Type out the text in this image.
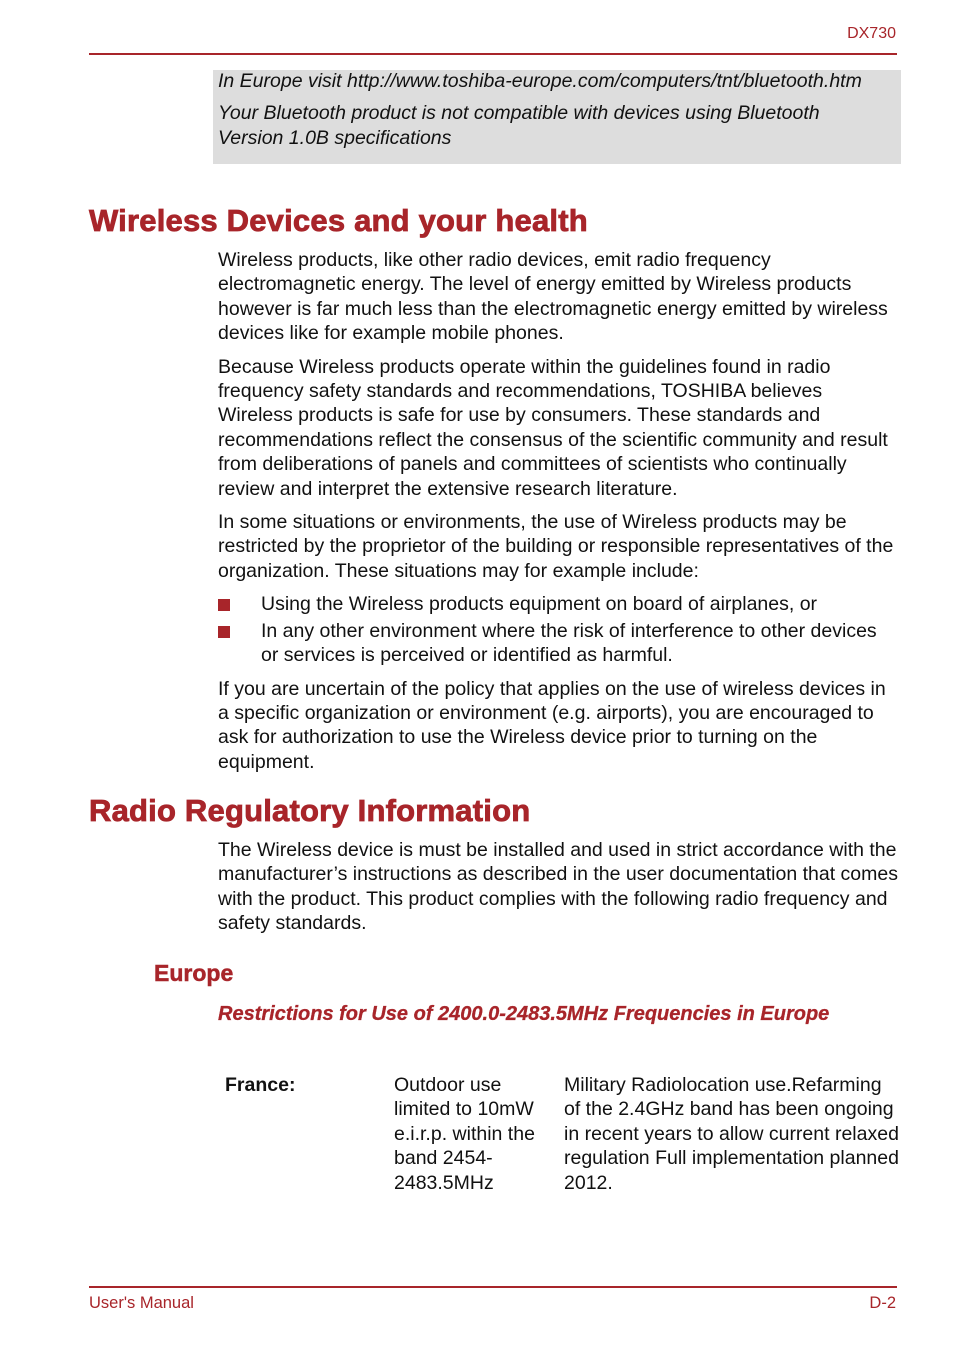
DX730

In Europe visit http://www.toshiba-europe.com/computers/tnt/bluetooth.htm

Your Bluetooth product is not compatible with devices using Bluetooth Version 1.0B specifications

Wireless Devices and your health

Wireless products, like other radio devices, emit radio frequency electromagnetic energy. The level of energy emitted by Wireless products however is far much less than the electromagnetic energy emitted by wireless devices like for example mobile phones.

Because Wireless products operate within the guidelines found in radio frequency safety standards and recommendations, TOSHIBA believes Wireless products is safe for use by consumers. These standards and recommendations reflect the consensus of the scientific community and result from deliberations of panels and committees of scientists who continually review and interpret the extensive research literature.

In some situations or environments, the use of Wireless products may be restricted by the proprietor of the building or responsible representatives of the organization. These situations may for example include:

Using the Wireless products equipment on board of airplanes, or
In any other environment where the risk of interference to other devices or services is perceived or identified as harmful.

If you are uncertain of the policy that applies on the use of wireless devices in a specific organization or environment (e.g. airports), you are encouraged to ask for authorization to use the Wireless device prior to turning on the equipment.

Radio Regulatory Information

The Wireless device is must be installed and used in strict accordance with the manufacturer’s instructions as described in the user documentation that comes with the product. This product complies with the following radio frequency and safety standards.

Europe
Restrictions for Use of 2400.0-2483.5MHz Frequencies in Europe
France:	Outdoor use limited to 10mW e.i.r.p. within the band 2454-2483.5MHz
Military Radiolocation use.Refarming of the 2.4GHz band has been ongoing in recent years to allow current relaxed regulation Full implementation planned 2012.
User's Manual	D-2
